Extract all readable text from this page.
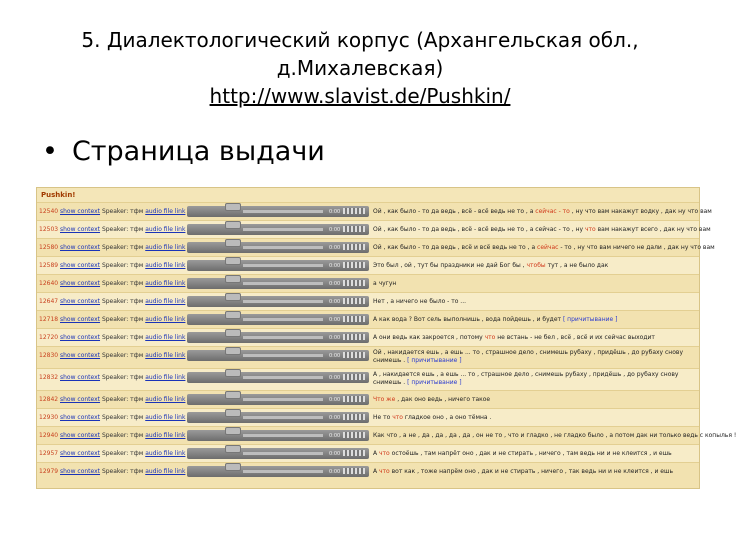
5. Диалектологический корпус (Архангельская обл.,
д.Михалевская)
http://www.slavist.de/Pushkin/
• Страница выдачи
Pushkin!
12540 show context Speaker: тфм audio file link	0:00	Ой , как было - то да ведь , всё - всё ведь не то , а сейчас - то , ну что вам накажут водку , дак ну что вам
12503 show context Speaker: тфм audio file link	0:00	Ой , как было - то да ведь , всё - всё ведь не то , а сейчас - то , ну что вам накажут всего , дак ну что вам
12580 show context Speaker: тфм audio file link	0:00	Ой , как было - то да ведь , всё и всё ведь не то , а сейчас - то , ну что вам ничего не дали , дак ну что вам
12589 show context Speaker: тфм audio file link	0:00	Это был , ой , тут бы праздники не дай Бог бы , чтобы тут , а не было дак
12640 show context Speaker: тфм audio file link	0:00	а чугун
12647 show context Speaker: тфм audio file link	0:00	Нет , а ничего не было - то ...
12718 show context Speaker: тфм audio file link	0:00	А как вода ? Вот сель выполнишь , вода пойдешь , и будет [ причитывание ]
12720 show context Speaker: тфм audio file link	0:00	А они ведь как закроется , потому что не встань - не бел , всё , всё и их сейчас выходит
12830 show context Speaker: тфм audio file link	0:00	Ой , накидается ешь , а ешь ... то , страшное дело , снимешь рубаху , придёшь , до рубаху снову снимешь . [ причитывание ]
12832 show context Speaker: тфм audio file link	0:00	А , накидается ешь , а ешь ... то , страшное дело , снимешь рубаху , придёшь , до рубаху снову снимешь . [ причитывание ]
12842 show context Speaker: тфм audio file link	0:00	Что же , дак оно ведь , ничего такое
12930 show context Speaker: тфм audio file link	0:00	Не то что гладкое оно , а оно тёмна .
12940 show context Speaker: тфм audio file link	0:00	Как что , а не , да , да , да , да , он не то , что и гладко , не гладко было , а потом дак ни только ведь с копылья !
12957 show context Speaker: тфм audio file link	0:00	А что остоёшь , там напрёт оно , дак и не стирать , ничего , там ведь ни и не клеится , и ешь
12979 show context Speaker: тфм audio file link	0:00	А что вот как , тоже напрём оно , дак и не стирать , ничего , так ведь ни и не клеится , и ешь
